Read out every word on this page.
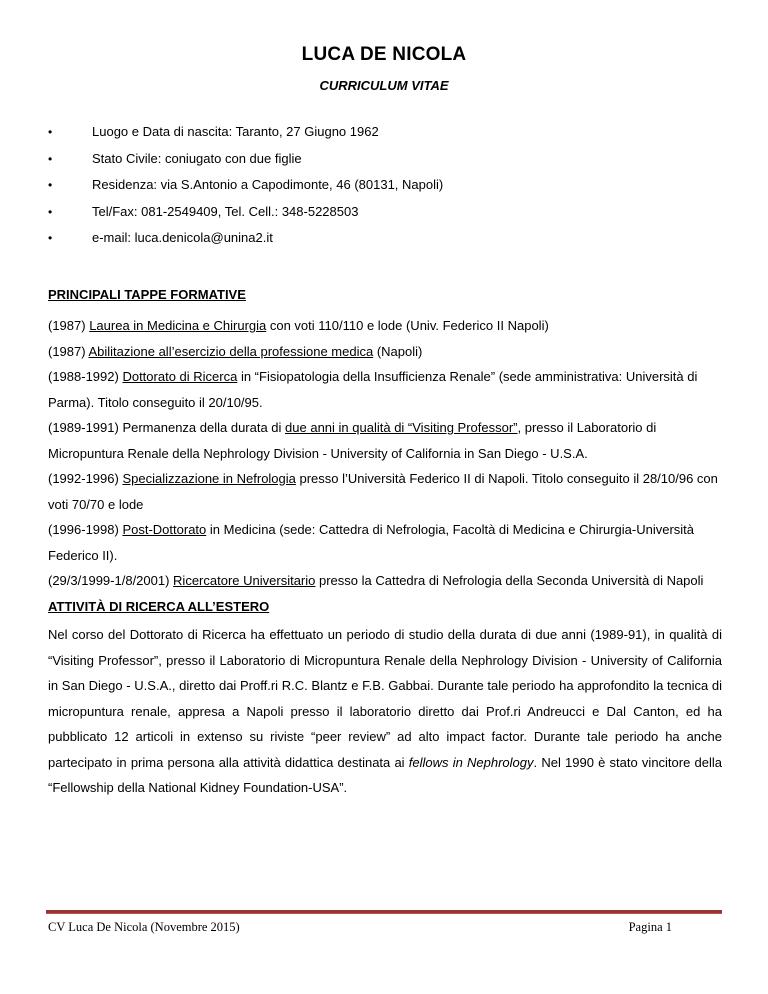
LUCA DE NICOLA
CURRICULUM VITAE
•	Luogo e Data di nascita: Taranto, 27 Giugno 1962
•	Stato Civile: coniugato con due figlie
•	Residenza: via S.Antonio a Capodimonte, 46 (80131, Napoli)
•	Tel/Fax: 081-2549409, Tel. Cell.: 348-5228503
•	e-mail: luca.denicola@unina2.it
PRINCIPALI TAPPE FORMATIVE

(1987) Laurea in Medicina e Chirurgia con voti 110/110 e lode (Univ. Federico II Napoli)

(1987) Abilitazione all’esercizio della professione medica (Napoli)

(1988-1992) Dottorato di Ricerca in “Fisiopatologia della Insufficienza Renale” (sede amministrativa: Università di Parma). Titolo conseguito il 20/10/95.

(1989-1991) Permanenza della durata di due anni in qualità di “Visiting Professor”, presso il Laboratorio di Micropuntura Renale della Nephrology Division - University of California in San Diego - U.S.A.

(1992-1996) Specializzazione in Nefrologia presso l’Università Federico II di Napoli. Titolo conseguito il 28/10/96 con voti 70/70 e lode

(1996-1998) Post-Dottorato in Medicina (sede: Cattedra di Nefrologia, Facoltà di Medicina e Chirurgia-Università Federico II).

(29/3/1999-1/8/2001) Ricercatore Universitario presso la Cattedra di Nefrologia della Seconda Università di Napoli

ATTIVITÀ DI RICERCA ALL’ESTERO

Nel corso del Dottorato di Ricerca ha effettuato un periodo di studio della durata di due anni (1989-91), in qualità di “Visiting Professor”, presso il Laboratorio di Micropuntura Renale della Nephrology Division - University of California in San Diego - U.S.A., diretto dai Proff.ri R.C. Blantz e F.B. Gabbai. Durante tale periodo ha approfondito la tecnica di micropuntura renale, appresa a Napoli presso il laboratorio diretto dai Prof.ri Andreucci e Dal Canton, ed ha pubblicato 12 articoli in extenso su riviste “peer review” ad alto impact factor. Durante tale periodo ha anche partecipato in prima persona alla attività didattica destinata ai fellows in Nephrology. Nel 1990 è stato vincitore della “Fellowship della National Kidney Foundation-USA”.

CV Luca De Nicola (Novembre 2015)	Pagina 1
